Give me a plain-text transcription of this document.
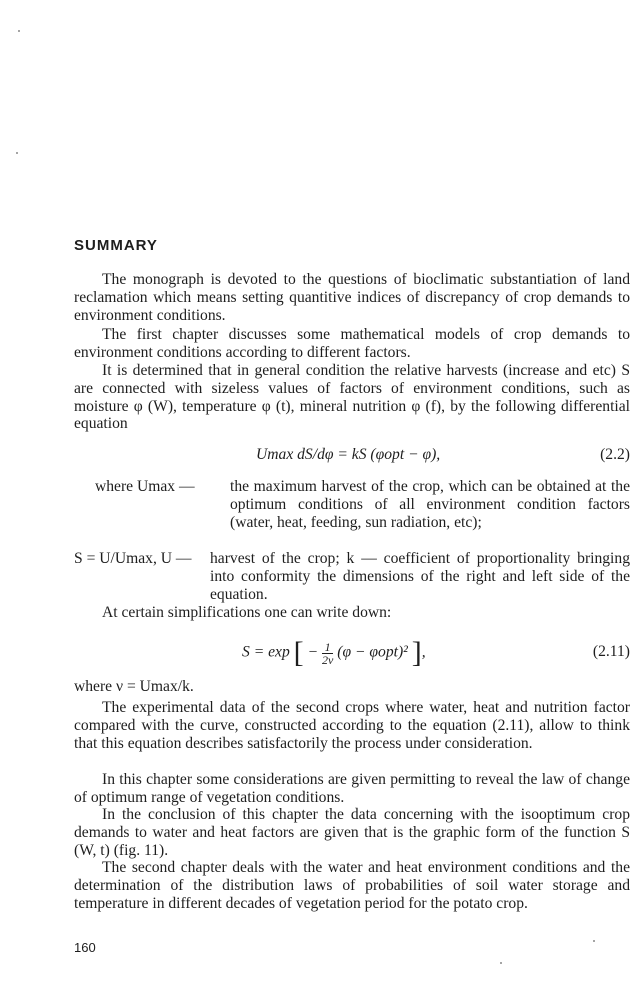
SUMMARY

The monograph is devoted to the questions of bioclimatic substantiation of land reclamation which means setting quantitive indices of discrepancy of crop demands to environment conditions.

The first chapter discusses some mathematical models of crop demands to environment conditions according to different factors.

It is determined that in general condition the relative harvests (increase and etc) S are connected with sizeless values of factors of environment conditions, such as moisture φ (W), temperature φ (t), mineral nutrition φ (f), by the following differential equation

Umax dS/dφ = kS (φopt − φ),	(2.2)
where Umax — the maximum harvest of the crop, which can be obtained at the optimum conditions of all environment condition factors (water, heat, feeding, sun radiation, etc);
S = U/Umax, U — harvest of the crop; k — coefficient of proportionality bringing into conformity the dimensions of the right and left side of the equation.

At certain simplifications one can write down:

S = exp [ − $\frac{1}{2\nu} (\varphi - \varphi opt)^2$ ],	(2.11)

where ν = Umax/k.

The experimental data of the second crops where water, heat and nutrition factor compared with the curve, constructed according to the equation (2.11), allow to think that this equation describes satisfactorily the process under consideration.

In this chapter some considerations are given permitting to reveal the law of change of optimum range of vegetation conditions.

In the conclusion of this chapter the data concerning with the isooptimum crop demands to water and heat factors are given that is the graphic form of the function S (W, t) (fig. 11).

The second chapter deals with the water and heat environment conditions and the determination of the distribution laws of probabilities of soil water storage and temperature in different decades of vegetation period for the potato crop.

160
